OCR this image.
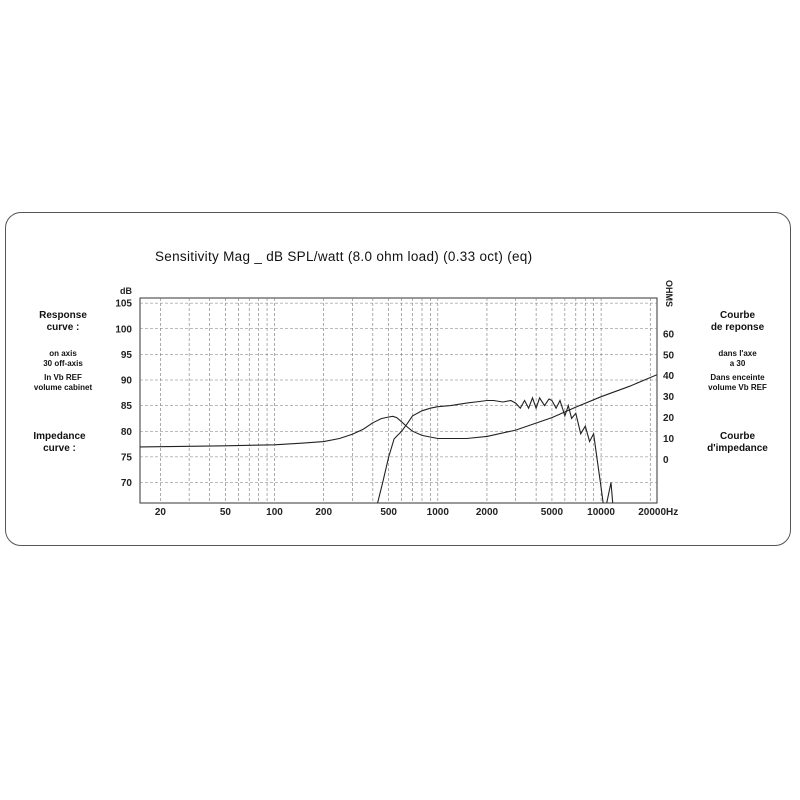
Sensitivity Mag _ dB SPL/watt (8.0 ohm load) (0.33 oct) (eq)
Response
curve :
on axis
30 off-axis
In Vb REF
volume cabinet
Impedance
curve :
Courbe
de reponse
dans l'axe
a 30
Dans enceinte
volume Vb REF
Courbe
d'impedance
70
75
80
85
90
95
100
105
dB
0
10
20
30
40
50
60
OHMS
20	50	100	200	500	1000	2000	5000 10000 20000Hz
